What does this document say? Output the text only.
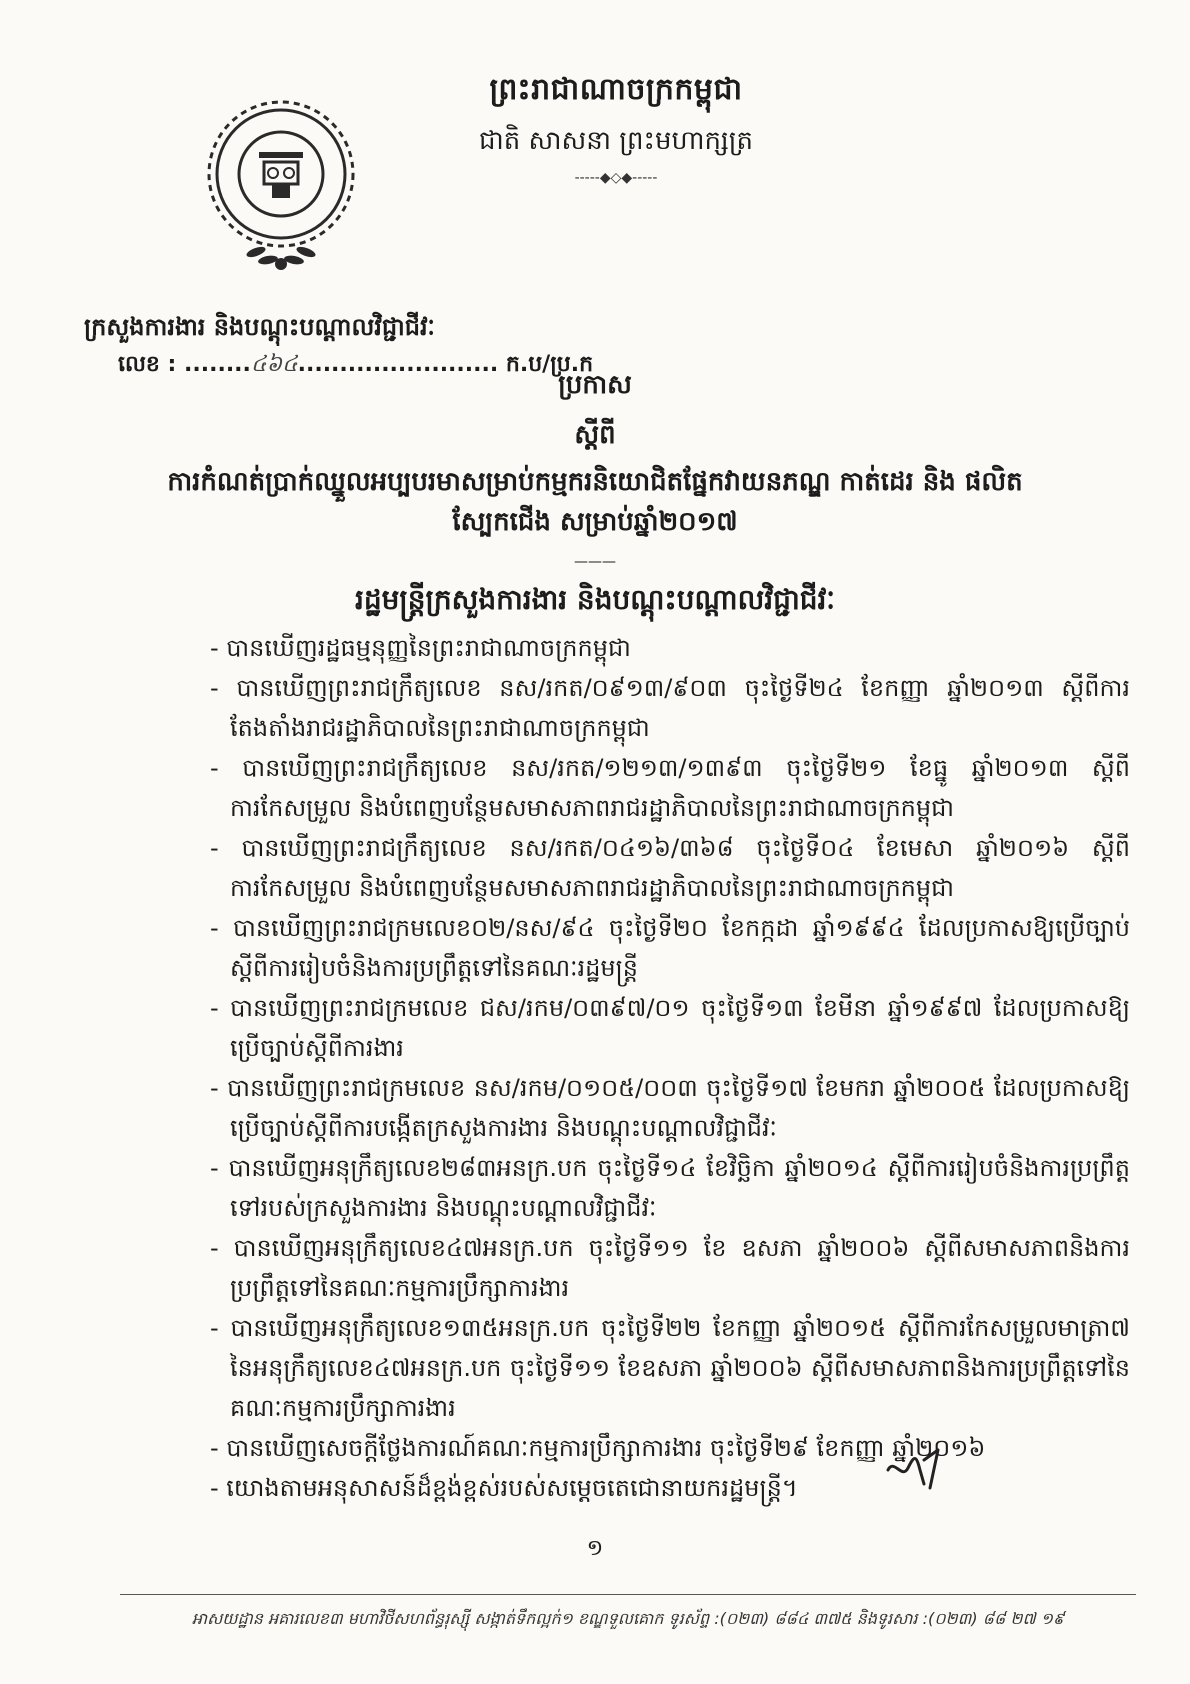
ព្រះរាជាណាចក្រកម្ពុជា
ជាតិ សាសនា ព្រះមហាក្សត្រ
-----◆◇◆-----
ក្រសួងការងារ និងបណ្តុះបណ្តាលវិជ្ជាជីវៈ
លេខ : ........៤៦៤........................ ក.ប/ប្រ.ក
ប្រកាស
ស្តីពី
ការកំណត់ប្រាក់ឈ្នួលអប្បបរមាសម្រាប់កម្មករនិយោជិតផ្នែកវាយនភណ្ឌ កាត់ដេរ និង ផលិតស្បែកជើង សម្រាប់ឆ្នាំ២០១៧
———
រដ្ឋមន្ត្រីក្រសួងការងារ និងបណ្តុះបណ្តាលវិជ្ជាជីវៈ
- បានឃើញរដ្ឋធម្មនុញ្ញនៃព្រះរាជាណាចក្រកម្ពុជា
- បានឃើញព្រះរាជក្រឹត្យលេខ នស/រកត/០៩១៣/៩០៣ ចុះថ្ងៃទី២៤ ខែកញ្ញា ឆ្នាំ២០១៣ ស្តីពីការតែងតាំងរាជរដ្ឋាភិបាលនៃព្រះរាជាណាចក្រកម្ពុជា
- បានឃើញព្រះរាជក្រឹត្យលេខ នស/រកត/១២១៣/១៣៩៣ ចុះថ្ងៃទី២១ ខែធ្នូ ឆ្នាំ២០១៣ ស្តីពីការកែសម្រួល និងបំពេញបន្ថែមសមាសភាពរាជរដ្ឋាភិបាលនៃព្រះរាជាណាចក្រកម្ពុជា
- បានឃើញព្រះរាជក្រឹត្យលេខ នស/រកត/០៤១៦/៣៦៨ ចុះថ្ងៃទី០៤ ខែមេសា ឆ្នាំ២០១៦ ស្តីពីការកែសម្រួល និងបំពេញបន្ថែមសមាសភាពរាជរដ្ឋាភិបាលនៃព្រះរាជាណាចក្រកម្ពុជា
- បានឃើញព្រះរាជក្រមលេខ០២/នស/៩៤ ចុះថ្ងៃទី២០ ខែកក្កដា ឆ្នាំ១៩៩៤ ដែលប្រកាសឱ្យប្រើច្បាប់ស្តីពីការរៀបចំនិងការប្រព្រឹត្តទៅនៃគណៈរដ្ឋមន្ត្រី
- បានឃើញព្រះរាជក្រមលេខ ជស/រកម/០៣៩៧/០១ ចុះថ្ងៃទី១៣ ខែមីនា ឆ្នាំ១៩៩៧ ដែលប្រកាសឱ្យប្រើច្បាប់ស្តីពីការងារ
- បានឃើញព្រះរាជក្រមលេខ នស/រកម/០១០៥/០០៣ ចុះថ្ងៃទី១៧ ខែមករា ឆ្នាំ២០០៥ ដែលប្រកាសឱ្យប្រើច្បាប់ស្តីពីការបង្កើតក្រសួងការងារ និងបណ្តុះបណ្តាលវិជ្ជាជីវៈ
- បានឃើញអនុក្រឹត្យលេខ២៨៣អនក្រ.បក ចុះថ្ងៃទី១៤ ខែវិច្ឆិកា ឆ្នាំ២០១៤ ស្តីពីការរៀបចំនិងការប្រព្រឹត្តទៅរបស់ក្រសួងការងារ និងបណ្តុះបណ្តាលវិជ្ជាជីវៈ
- បានឃើញអនុក្រឹត្យលេខ៤៧អនក្រ.បក ចុះថ្ងៃទី១១ ខែ ឧសភា ឆ្នាំ២០០៦ ស្តីពីសមាសភាពនិងការប្រព្រឹត្តទៅនៃគណៈកម្មការប្រឹក្សាការងារ
- បានឃើញអនុក្រឹត្យលេខ១៣៥អនក្រ.បក ចុះថ្ងៃទី២២ ខែកញ្ញា ឆ្នាំ២០១៥ ស្តីពីការកែសម្រួលមាត្រា៧ នៃអនុក្រឹត្យលេខ៤៧អនក្រ.បក ចុះថ្ងៃទី១១ ខែឧសភា ឆ្នាំ២០០៦ ស្តីពីសមាសភាពនិងការប្រព្រឹត្តទៅនៃគណៈកម្មការប្រឹក្សាការងារ
- បានឃើញសេចក្តីថ្លែងការណ៍គណៈកម្មការប្រឹក្សាការងារ ចុះថ្ងៃទី២៩ ខែកញ្ញា ឆ្នាំ២០១៦
- យោងតាមអនុសាសន៍ដ៏ខ្ពង់ខ្ពស់របស់សម្តេចតេជោនាយករដ្ឋមន្ត្រី។
១
អាសយដ្ឋាន អគារលេខ៣ មហាវិថីសហព័ន្ធរុស្ស៊ី សង្កាត់ទឹកល្អក់១ ខណ្ឌទួលគោក ទូរស័ព្ទ :(០២៣) ៨៨៤ ៣៧៥ និងទូរសារ :(០២៣) ៨៨ ២៧ ១៩
